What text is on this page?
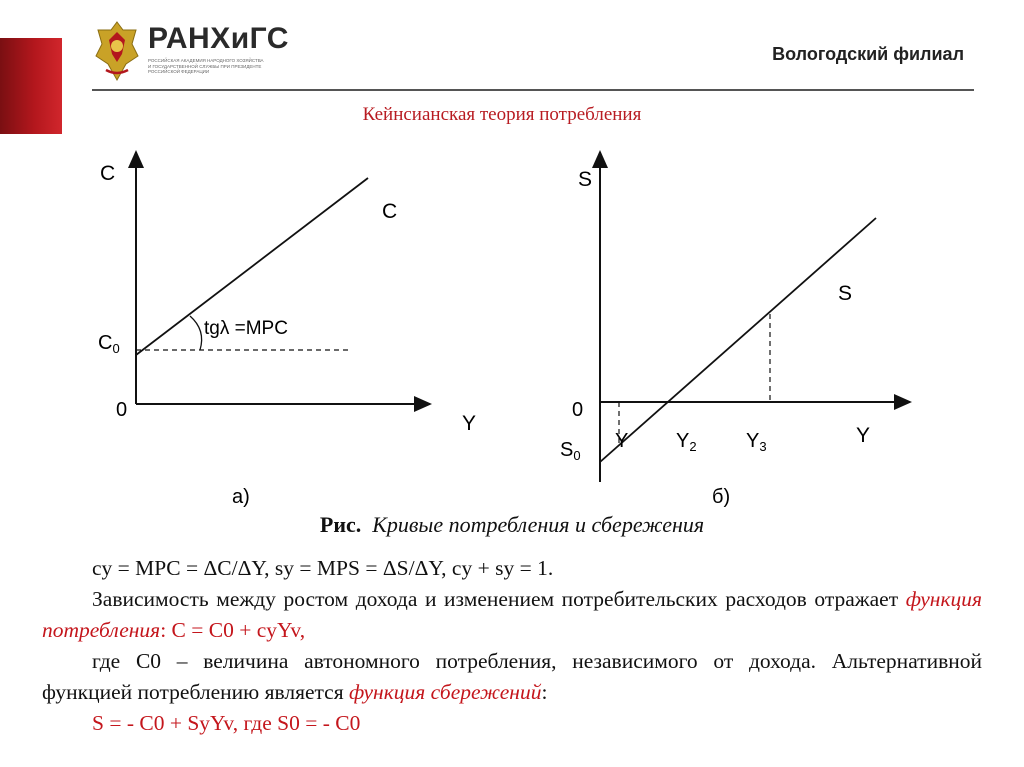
РАНХиГС
РОССИЙСКАЯ АКАДЕМИЯ НАРОДНОГО ХОЗЯЙСТВА И ГОСУДАРСТВЕННОЙ СЛУЖБЫ ПРИ ПРЕЗИДЕНТЕ РОССИЙСКОЙ ФЕДЕРАЦИИ
Вологодский филиал
Кейнсианская теория потребления
C
C
$C_0$
tgλ =MPC
0
Y
а)
S
S
0
$S_0$
Y $Y_2$ $Y_3$	Y
б)
Рис. Кривые потребления и сбережения

cy = MPC = ΔC/ΔY, sy = MPS = ΔS/ΔY, cy + sy = 1.

Зависимость между ростом дохода и изменением потребительских расходов отражает функция потребления: C = C0 + cyYv,

где C0 – величина автономного потребления, независимого от дохода. Альтернативной функцией потреблению является функция сбережений:

S = - C0 + SyYv, где S0 = - C0
